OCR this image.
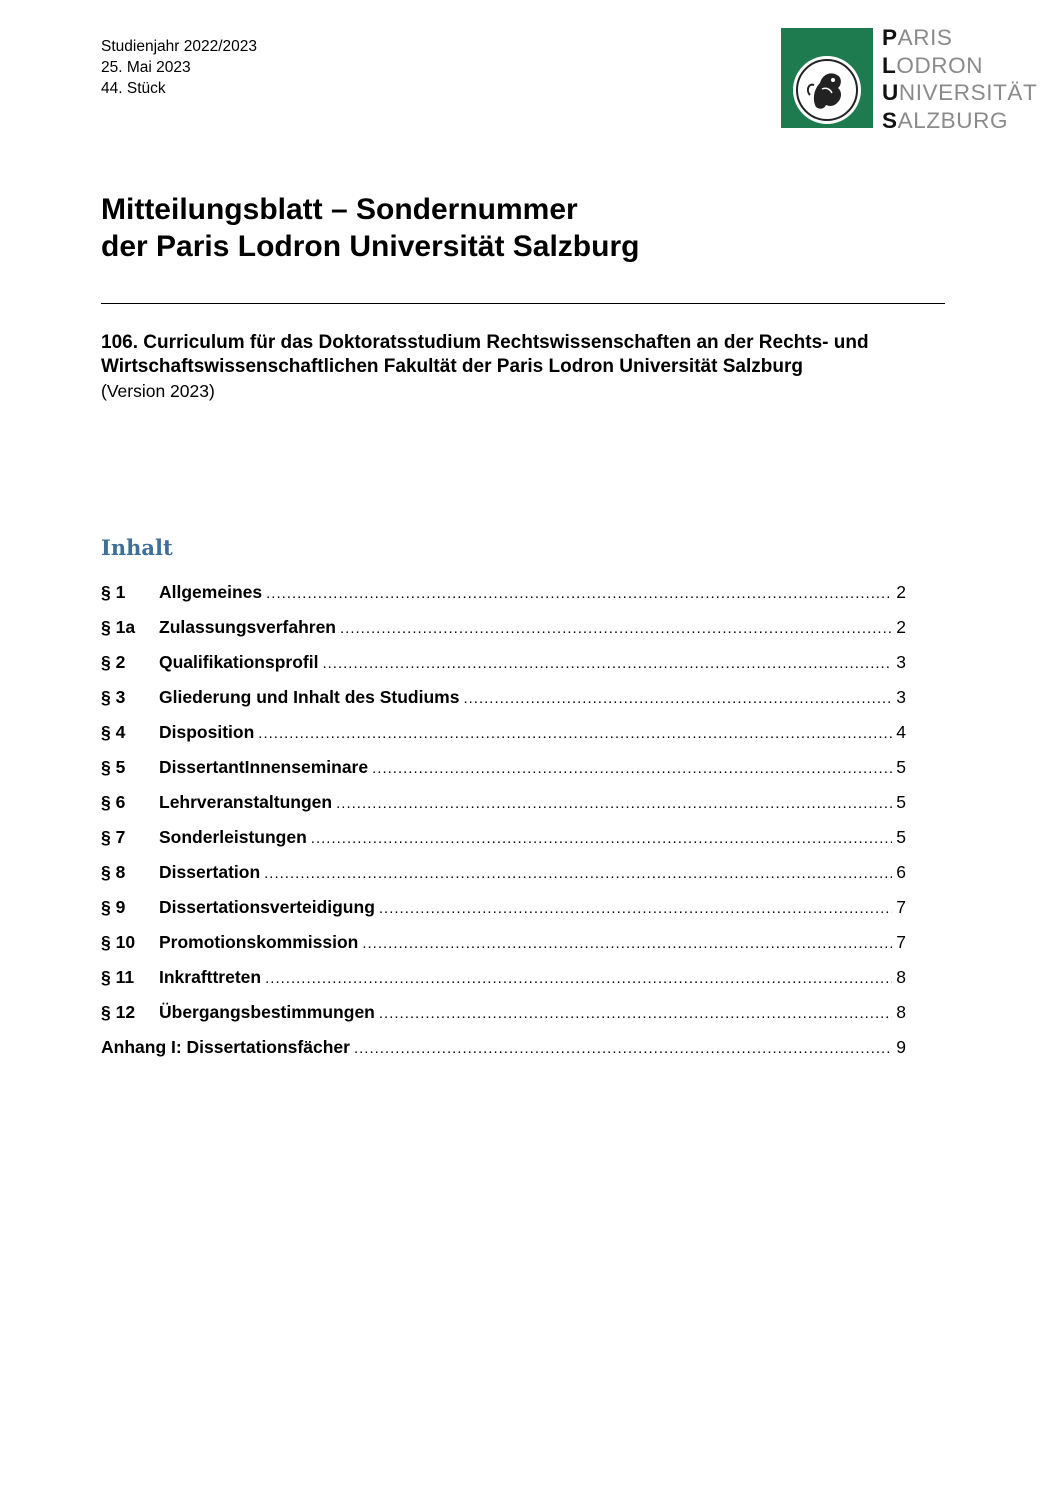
Studienjahr 2022/2023
25. Mai 2023
44. Stück
PARIS
LODRON
UNIVERSITÄT
SALZBURG
Mitteilungsblatt – Sondernummer
der Paris Lodron Universität Salzburg
106. Curriculum für das Doktoratsstudium Rechtswissenschaften an der Rechts- und
Wirtschaftswissenschaftlichen Fakultät der Paris Lodron Universität Salzburg
(Version 2023)
Inhalt
§ 1 Allgemeines .....	2
§ 1a Zulassungsverfahren .....	2
§ 2 Qualifikationsprofil .....	3
§ 3 Gliederung und Inhalt des Studiums .....	3
§ 4 Disposition .....	4
§ 5 DissertantInnenseminare .....	5
§ 6 Lehrveranstaltungen .....	5
§ 7 Sonderleistungen .....	5
§ 8 Dissertation .....	6
§ 9 Dissertationsverteidigung .....	7
§ 10 Promotionskommission .....	7
§ 11 Inkrafttreten .....	8
§ 12 Übergangsbestimmungen .....	8
Anhang I: Dissertationsfächer .....	9
